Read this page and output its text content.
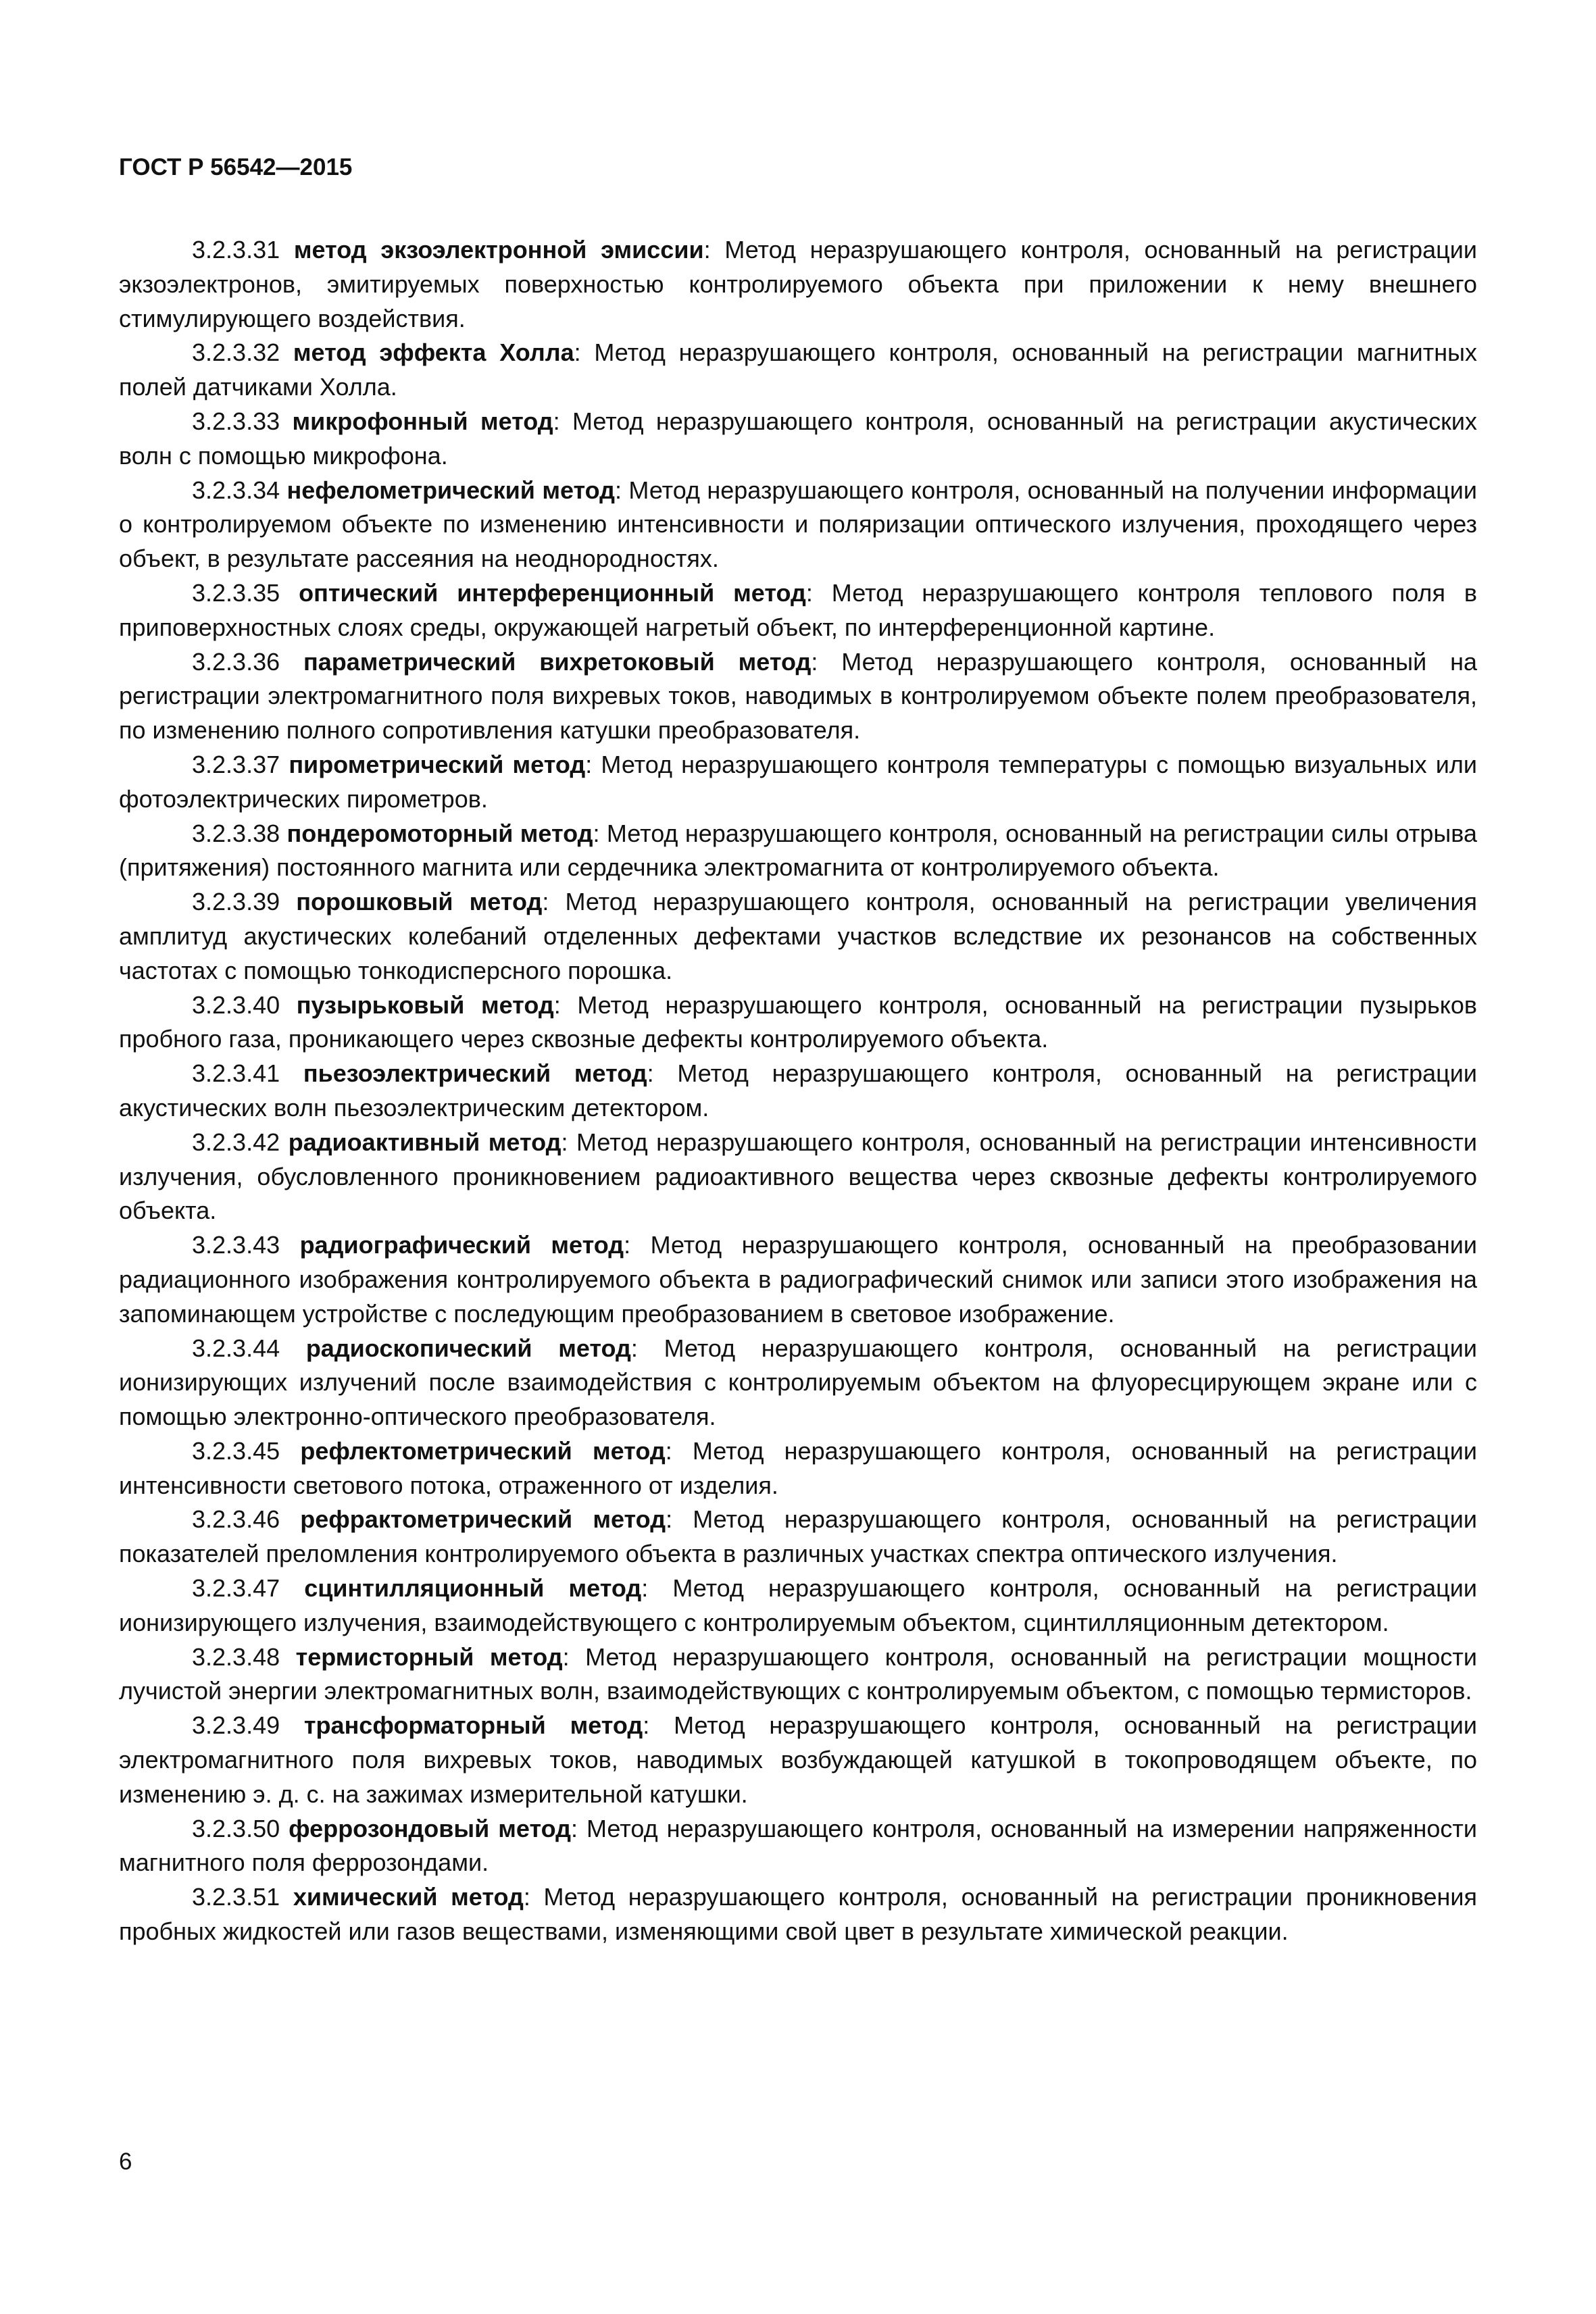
ГОСТ Р 56542—2015

3.2.3.31 метод экзоэлектронной эмиссии: Метод неразрушающего контроля, основанный на регистрации экзоэлектронов, эмитируемых поверхностью контролируемого объекта при приложении к нему внешнего стимулирующего воздействия.

3.2.3.32 метод эффекта Холла: Метод неразрушающего контроля, основанный на регистрации магнитных полей датчиками Холла.

3.2.3.33 микрофонный метод: Метод неразрушающего контроля, основанный на регистрации акустических волн с помощью микрофона.

3.2.3.34 нефелометрический метод: Метод неразрушающего контроля, основанный на получении информации о контролируемом объекте по изменению интенсивности и поляризации оптического излучения, проходящего через объект, в результате рассеяния на неоднородностях.

3.2.3.35 оптический интерференционный метод: Метод неразрушающего контроля теплового поля в приповерхностных слоях среды, окружающей нагретый объект, по интерференционной картине.

3.2.3.36 параметрический вихретоковый метод: Метод неразрушающего контроля, основанный на регистрации электромагнитного поля вихревых токов, наводимых в контролируемом объекте полем преобразователя, по изменению полного сопротивления катушки преобразователя.

3.2.3.37 пирометрический метод: Метод неразрушающего контроля температуры с помощью визуальных или фотоэлектрических пирометров.

3.2.3.38 пондеромоторный метод: Метод неразрушающего контроля, основанный на регистрации силы отрыва (притяжения) постоянного магнита или сердечника электромагнита от контролируемого объекта.

3.2.3.39 порошковый метод: Метод неразрушающего контроля, основанный на регистрации увеличения амплитуд акустических колебаний отделенных дефектами участков вследствие их резонансов на собственных частотах с помощью тонкодисперсного порошка.

3.2.3.40 пузырьковый метод: Метод неразрушающего контроля, основанный на регистрации пузырьков пробного газа, проникающего через сквозные дефекты контролируемого объекта.

3.2.3.41 пьезоэлектрический метод: Метод неразрушающего контроля, основанный на регистрации акустических волн пьезоэлектрическим детектором.

3.2.3.42 радиоактивный метод: Метод неразрушающего контроля, основанный на регистрации интенсивности излучения, обусловленного проникновением радиоактивного вещества через сквозные дефекты контролируемого объекта.

3.2.3.43 радиографический метод: Метод неразрушающего контроля, основанный на преобразовании радиационного изображения контролируемого объекта в радиографический снимок или записи этого изображения на запоминающем устройстве с последующим преобразованием в световое изображение.

3.2.3.44 радиоскопический метод: Метод неразрушающего контроля, основанный на регистрации ионизирующих излучений после взаимодействия с контролируемым объектом на флуоресцирующем экране или с помощью электронно-оптического преобразователя.

3.2.3.45 рефлектометрический метод: Метод неразрушающего контроля, основанный на регистрации интенсивности светового потока, отраженного от изделия.

3.2.3.46 рефрактометрический метод: Метод неразрушающего контроля, основанный на регистрации показателей преломления контролируемого объекта в различных участках спектра оптического излучения.

3.2.3.47 сцинтилляционный метод: Метод неразрушающего контроля, основанный на регистрации ионизирующего излучения, взаимодействующего с контролируемым объектом, сцинтилляционным детектором.

3.2.3.48 термисторный метод: Метод неразрушающего контроля, основанный на регистрации мощности лучистой энергии электромагнитных волн, взаимодействующих с контролируемым объектом, с помощью термисторов.

3.2.3.49 трансформаторный метод: Метод неразрушающего контроля, основанный на регистрации электромагнитного поля вихревых токов, наводимых возбуждающей катушкой в токопроводящем объекте, по изменению э. д. с. на зажимах измерительной катушки.

3.2.3.50 феррозондовый метод: Метод неразрушающего контроля, основанный на измерении напряженности магнитного поля феррозондами.

3.2.3.51 химический метод: Метод неразрушающего контроля, основанный на регистрации проникновения пробных жидкостей или газов веществами, изменяющими свой цвет в результате химической реакции.

6
